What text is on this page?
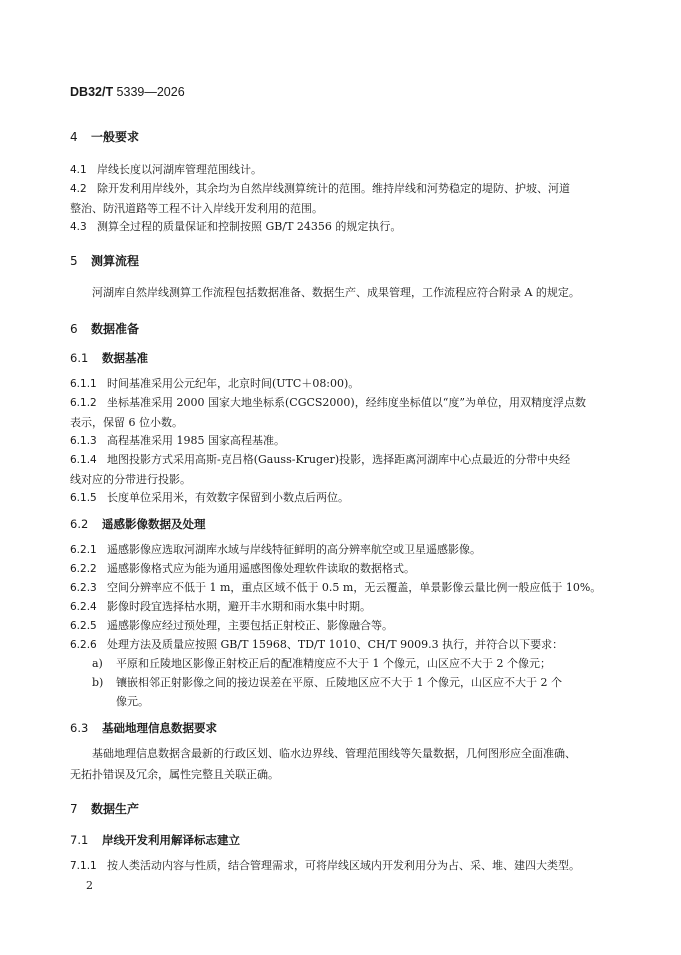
DB32/T 5339—2026
4 一般要求
4.1 岸线长度以河湖库管理范围线计。
4.2 除开发利用岸线外，其余均为自然岸线测算统计的范围。维持岸线和河势稳定的堤防、护坡、河道
整治、防汛道路等工程不计入岸线开发利用的范围。
4.3 测算全过程的质量保证和控制按照 GB/T 24356 的规定执行。
5 测算流程
河湖库自然岸线测算工作流程包括数据准备、数据生产、成果管理，工作流程应符合附录 A 的规定。
6 数据准备
6.1 数据基准
6.1.1 时间基准采用公元纪年，北京时间(UTC＋08:00)。
6.1.2 坐标基准采用 2000 国家大地坐标系(CGCS2000)，经纬度坐标值以“度”为单位，用双精度浮点数
表示，保留 6 位小数。
6.1.3 高程基准采用 1985 国家高程基准。
6.1.4 地图投影方式采用高斯-克吕格(Gauss-Kruger)投影，选择距离河湖库中心点最近的分带中央经
线对应的分带进行投影。
6.1.5 长度单位采用米，有效数字保留到小数点后两位。
6.2 遥感影像数据及处理
6.2.1 遥感影像应选取河湖库水域与岸线特征鲜明的高分辨率航空或卫星遥感影像。
6.2.2 遥感影像格式应为能为通用遥感图像处理软件读取的数据格式。
6.2.3 空间分辨率应不低于 1 m，重点区域不低于 0.5 m，无云覆盖，单景影像云量比例一般应低于 10%。
6.2.4 影像时段宜选择枯水期，避开丰水期和雨水集中时期。
6.2.5 遥感影像应经过预处理，主要包括正射校正、影像融合等。
6.2.6 处理方法及质量应按照 GB/T 15968、TD/T 1010、CH/T 9009.3 执行，并符合以下要求：
a) 平原和丘陵地区影像正射校正后的配准精度应不大于 1 个像元，山区应不大于 2 个像元；
b) 镶嵌相邻正射影像之间的接边误差在平原、丘陵地区应不大于 1 个像元，山区应不大于 2 个
像元。
6.3 基础地理信息数据要求
基础地理信息数据含最新的行政区划、临水边界线、管理范围线等矢量数据，几何图形应全面准确、
无拓扑错误及冗余，属性完整且关联正确。
7 数据生产
7.1 岸线开发利用解译标志建立
7.1.1 按人类活动内容与性质，结合管理需求，可将岸线区域内开发利用分为占、采、堆、建四大类型。
2
